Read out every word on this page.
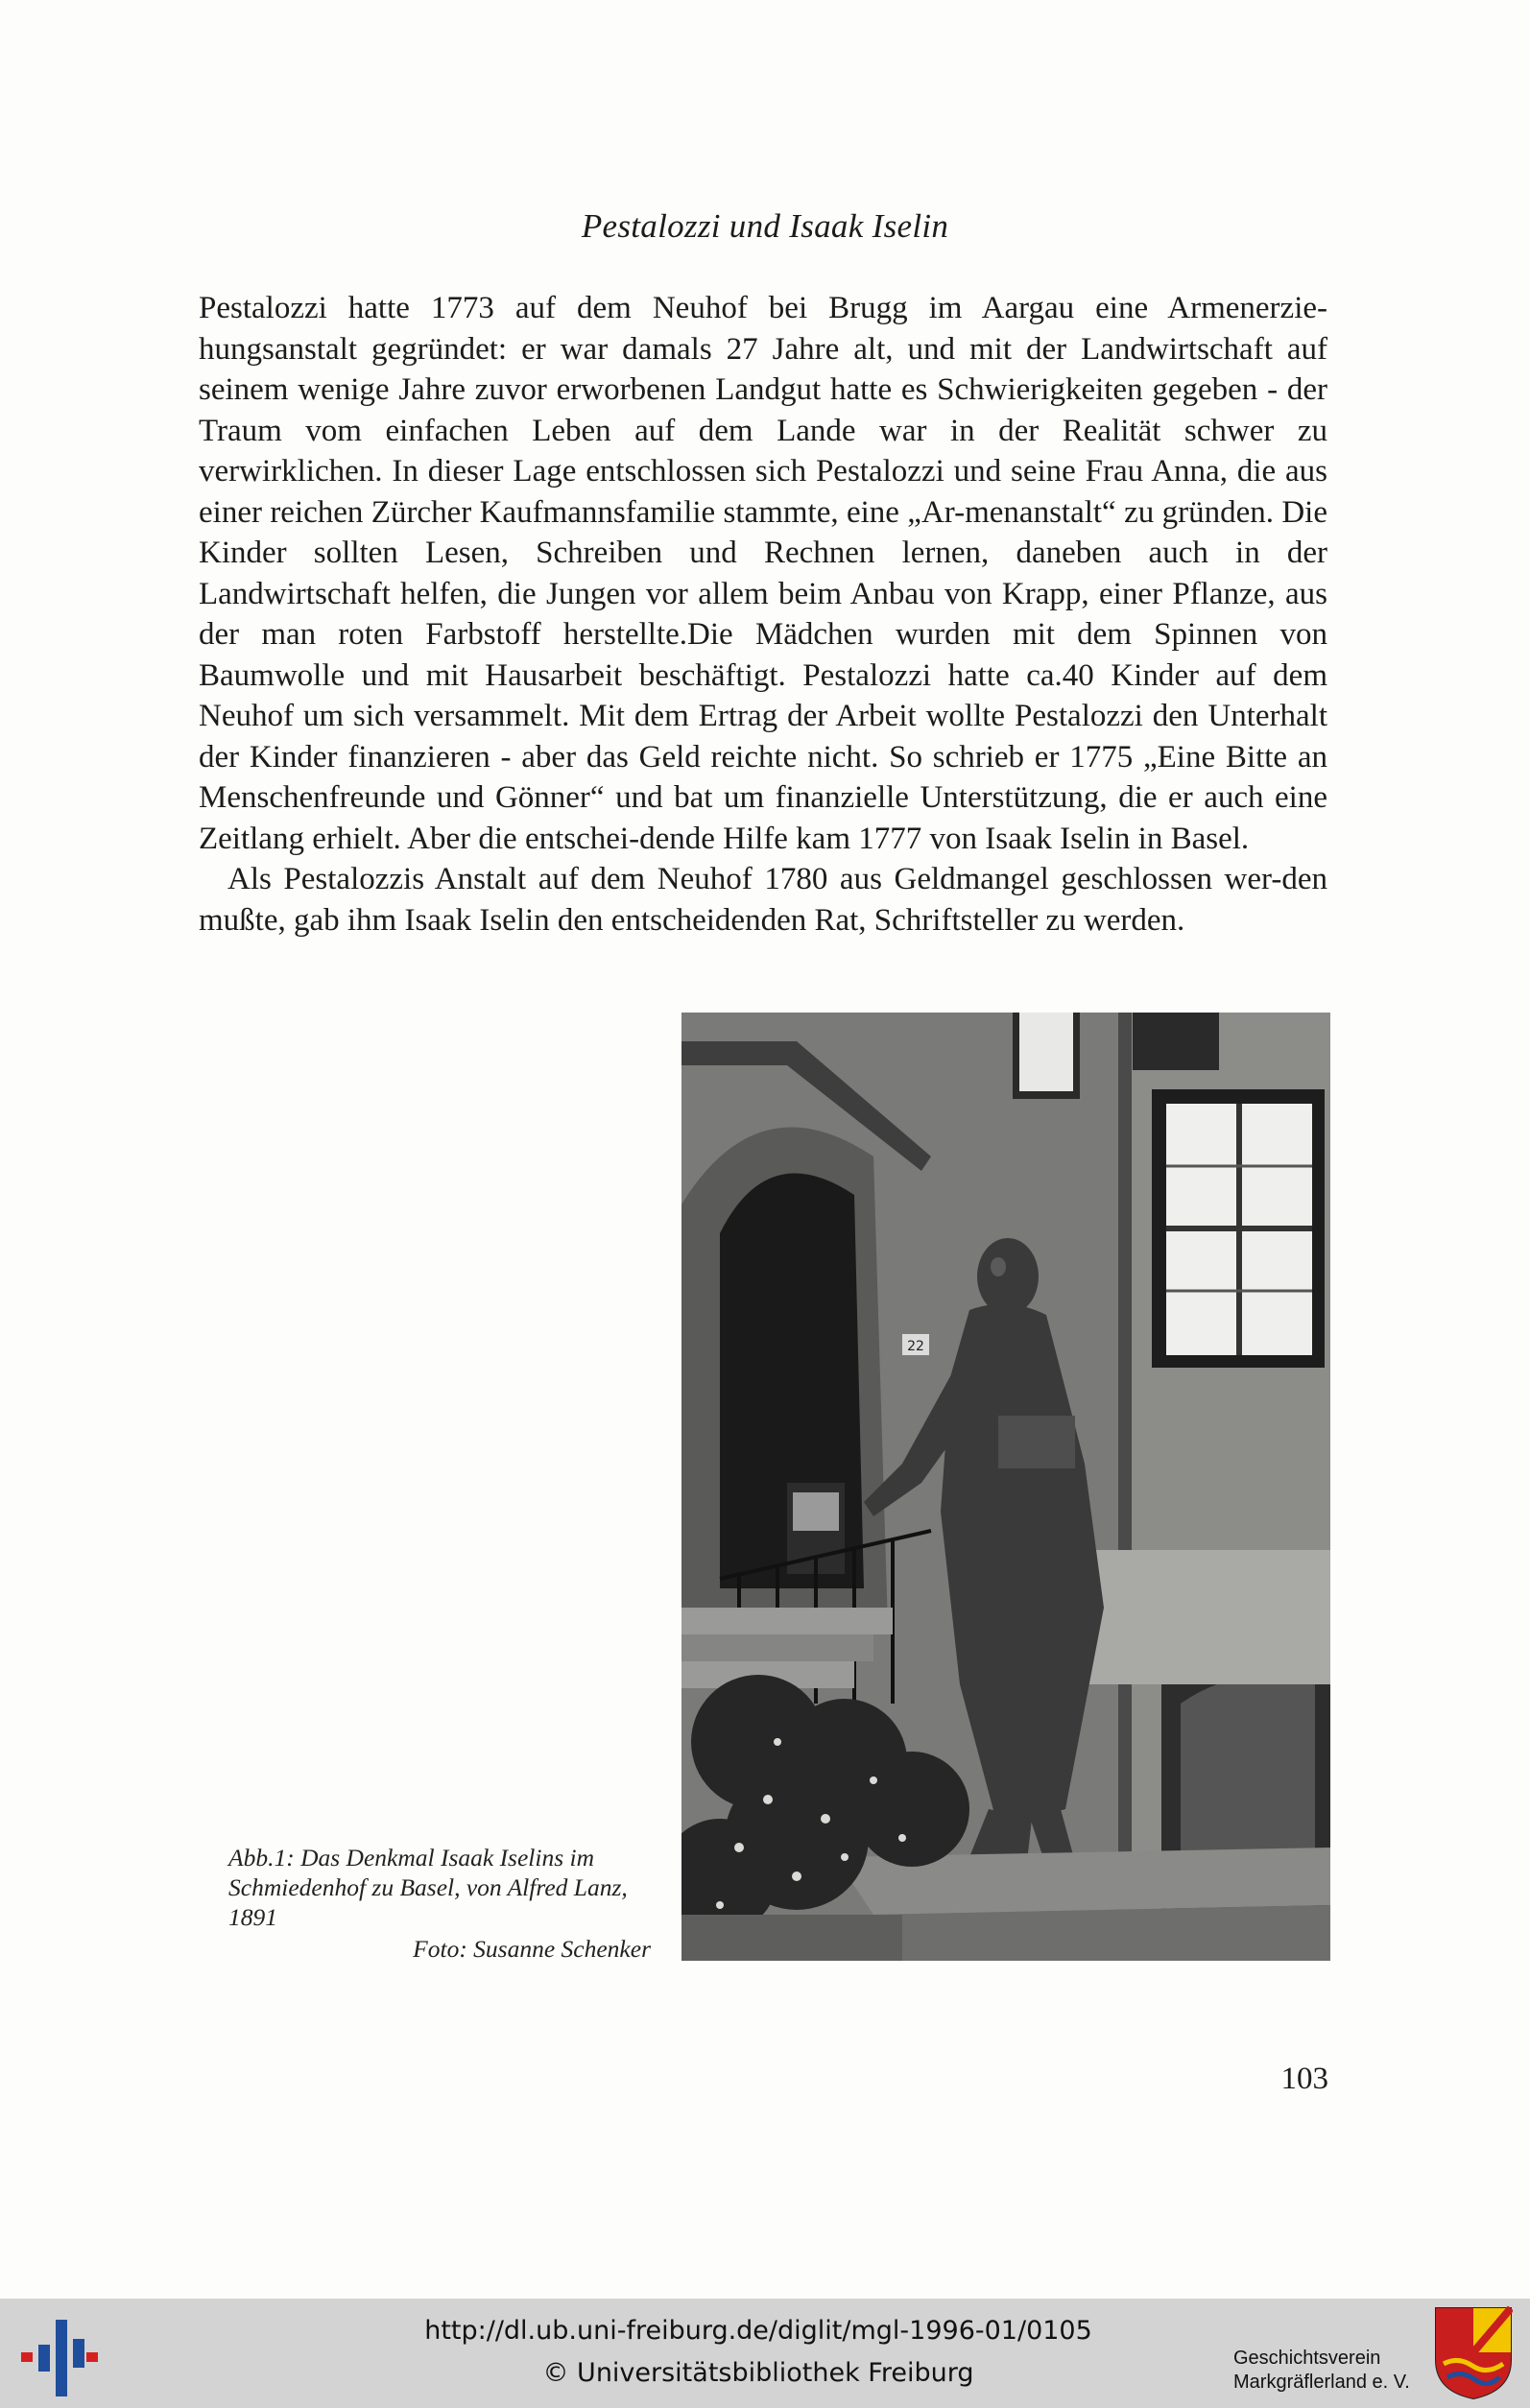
Pestalozzi und Isaak Iselin

Pestalozzi hatte 1773 auf dem Neuhof bei Brugg im Aargau eine Armenerzie-hungsanstalt gegründet: er war damals 27 Jahre alt, und mit der Landwirtschaft auf seinem wenige Jahre zuvor erworbenen Landgut hatte es Schwierigkeiten gegeben - der Traum vom einfachen Leben auf dem Lande war in der Realität schwer zu verwirklichen. In dieser Lage entschlossen sich Pestalozzi und seine Frau Anna, die aus einer reichen Zürcher Kaufmannsfamilie stammte, eine „Ar-menanstalt“ zu gründen. Die Kinder sollten Lesen, Schreiben und Rechnen lernen, daneben auch in der Landwirtschaft helfen, die Jungen vor allem beim Anbau von Krapp, einer Pflanze, aus der man roten Farbstoff herstellte.Die Mädchen wurden mit dem Spinnen von Baumwolle und mit Hausarbeit beschäftigt. Pestalozzi hatte ca.40 Kinder auf dem Neuhof um sich versammelt. Mit dem Ertrag der Arbeit wollte Pestalozzi den Unterhalt der Kinder finanzieren - aber das Geld reichte nicht. So schrieb er 1775 „Eine Bitte an Menschenfreunde und Gönner“ und bat um finanzielle Unterstützung, die er auch eine Zeitlang erhielt. Aber die entschei-dende Hilfe kam 1777 von Isaak Iselin in Basel.

Als Pestalozzis Anstalt auf dem Neuhof 1780 aus Geldmangel geschlossen wer-den mußte, gab ihm Isaak Iselin den entscheidenden Rat, Schriftsteller zu werden.

22
Abb.1: Das Denkmal Isaak Iselins im Schmiedenhof zu Basel, von Alfred Lanz, 1891
Foto: Susanne Schenker
103
http://dl.ub.uni-freiburg.de/diglit/mgl-1996-01/0105
© Universitätsbibliothek Freiburg	Geschichtsverein
Markgräflerland e. V.
